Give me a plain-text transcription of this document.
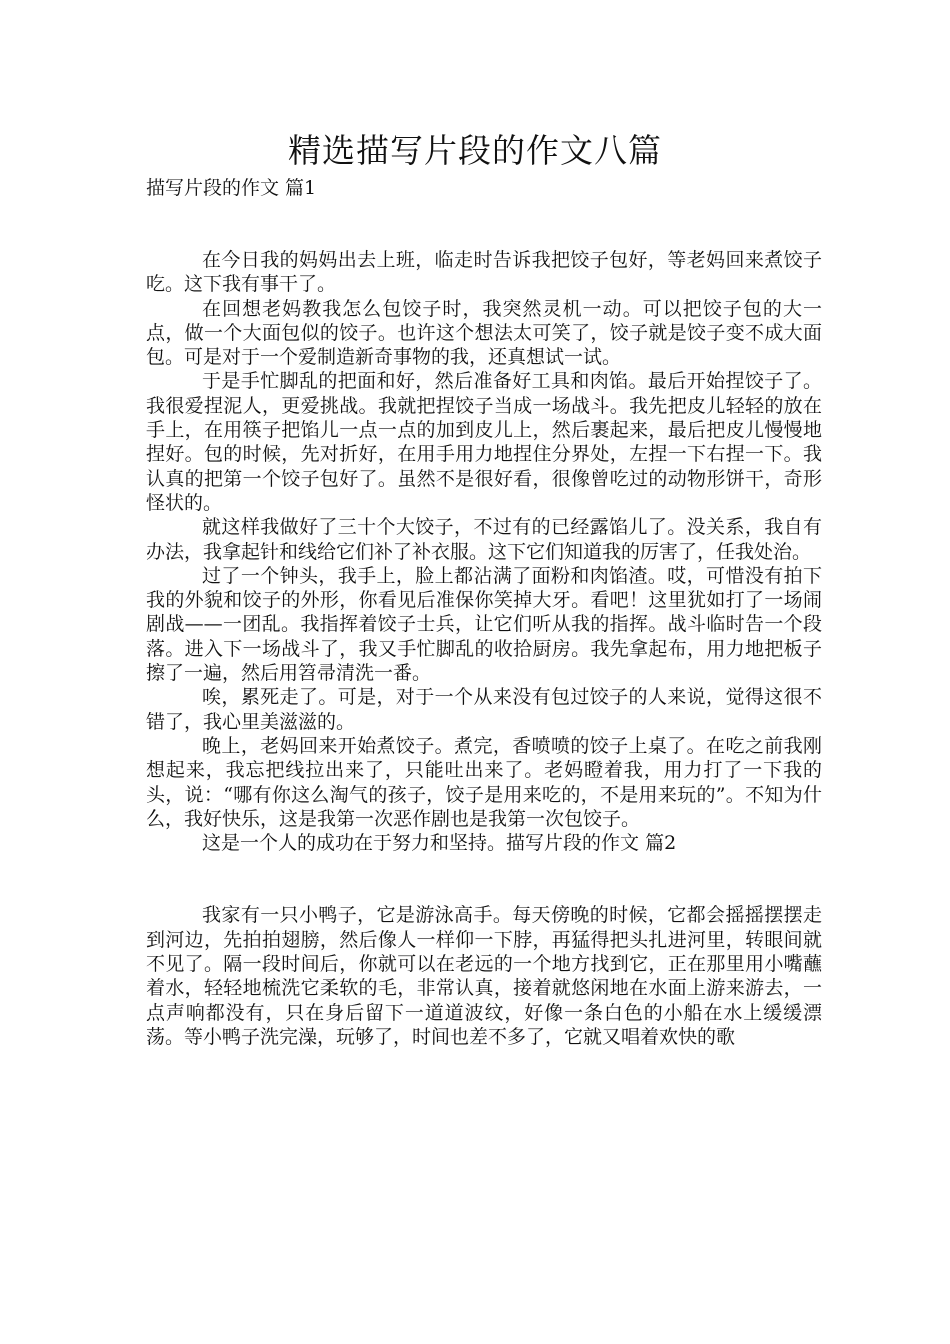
精选描写片段的作文八篇
描写片段的作文 篇1

在今日我的妈妈出去上班，临走时告诉我把饺子包好，等老妈回来煮饺子吃。这下我有事干了。

在回想老妈教我怎么包饺子时，我突然灵机一动。可以把饺子包的大一点，做一个大面包似的饺子。也许这个想法太可笑了，饺子就是饺子变不成大面包。可是对于一个爱制造新奇事物的我，还真想试一试。

于是手忙脚乱的把面和好，然后准备好工具和肉馅。最后开始捏饺子了。我很爱捏泥人，更爱挑战。我就把捏饺子当成一场战斗。我先把皮儿轻轻的放在手上，在用筷子把馅儿一点一点的加到皮儿上，然后裹起来，最后把皮儿慢慢地捏好。包的时候，先对折好，在用手用力地捏住分界处，左捏一下右捏一下。我认真的把第一个饺子包好了。虽然不是很好看，很像曾吃过的动物形饼干，奇形怪状的。

就这样我做好了三十个大饺子，不过有的已经露馅儿了。没关系，我自有办法，我拿起针和线给它们补了补衣服。这下它们知道我的厉害了，任我处治。

过了一个钟头，我手上，脸上都沾满了面粉和肉馅渣。哎，可惜没有拍下我的外貌和饺子的外形，你看见后准保你笑掉大牙。看吧！这里犹如打了一场闹剧战——一团乱。我指挥着饺子士兵，让它们听从我的指挥。战斗临时告一个段落。进入下一场战斗了，我又手忙脚乱的收拾厨房。我先拿起布，用力地把板子擦了一遍，然后用笤帚清洗一番。

唉，累死走了。可是，对于一个从来没有包过饺子的人来说，觉得这很不错了，我心里美滋滋的。

晚上，老妈回来开始煮饺子。煮完，香喷喷的饺子上桌了。在吃之前我刚想起来，我忘把线拉出来了，只能吐出来了。老妈瞪着我，用力打了一下我的头，说：“哪有你这么淘气的孩子，饺子是用来吃的，不是用来玩的”。不知为什么，我好快乐，这是我第一次恶作剧也是我第一次包饺子。

这是一个人的成功在于努力和坚持。描写片段的作文 篇2

我家有一只小鸭子，它是游泳高手。每天傍晚的时候，它都会摇摇摆摆走到河边，先拍拍翅膀，然后像人一样仰一下脖，再猛得把头扎进河里，转眼间就不见了。隔一段时间后，你就可以在老远的一个地方找到它，正在那里用小嘴蘸着水，轻轻地梳洗它柔软的毛，非常认真，接着就悠闲地在水面上游来游去，一点声响都没有，只在身后留下一道道波纹，好像一条白色的小船在水上缓缓漂荡。等小鸭子洗完澡，玩够了，时间也差不多了，它就又唱着欢快的歌
